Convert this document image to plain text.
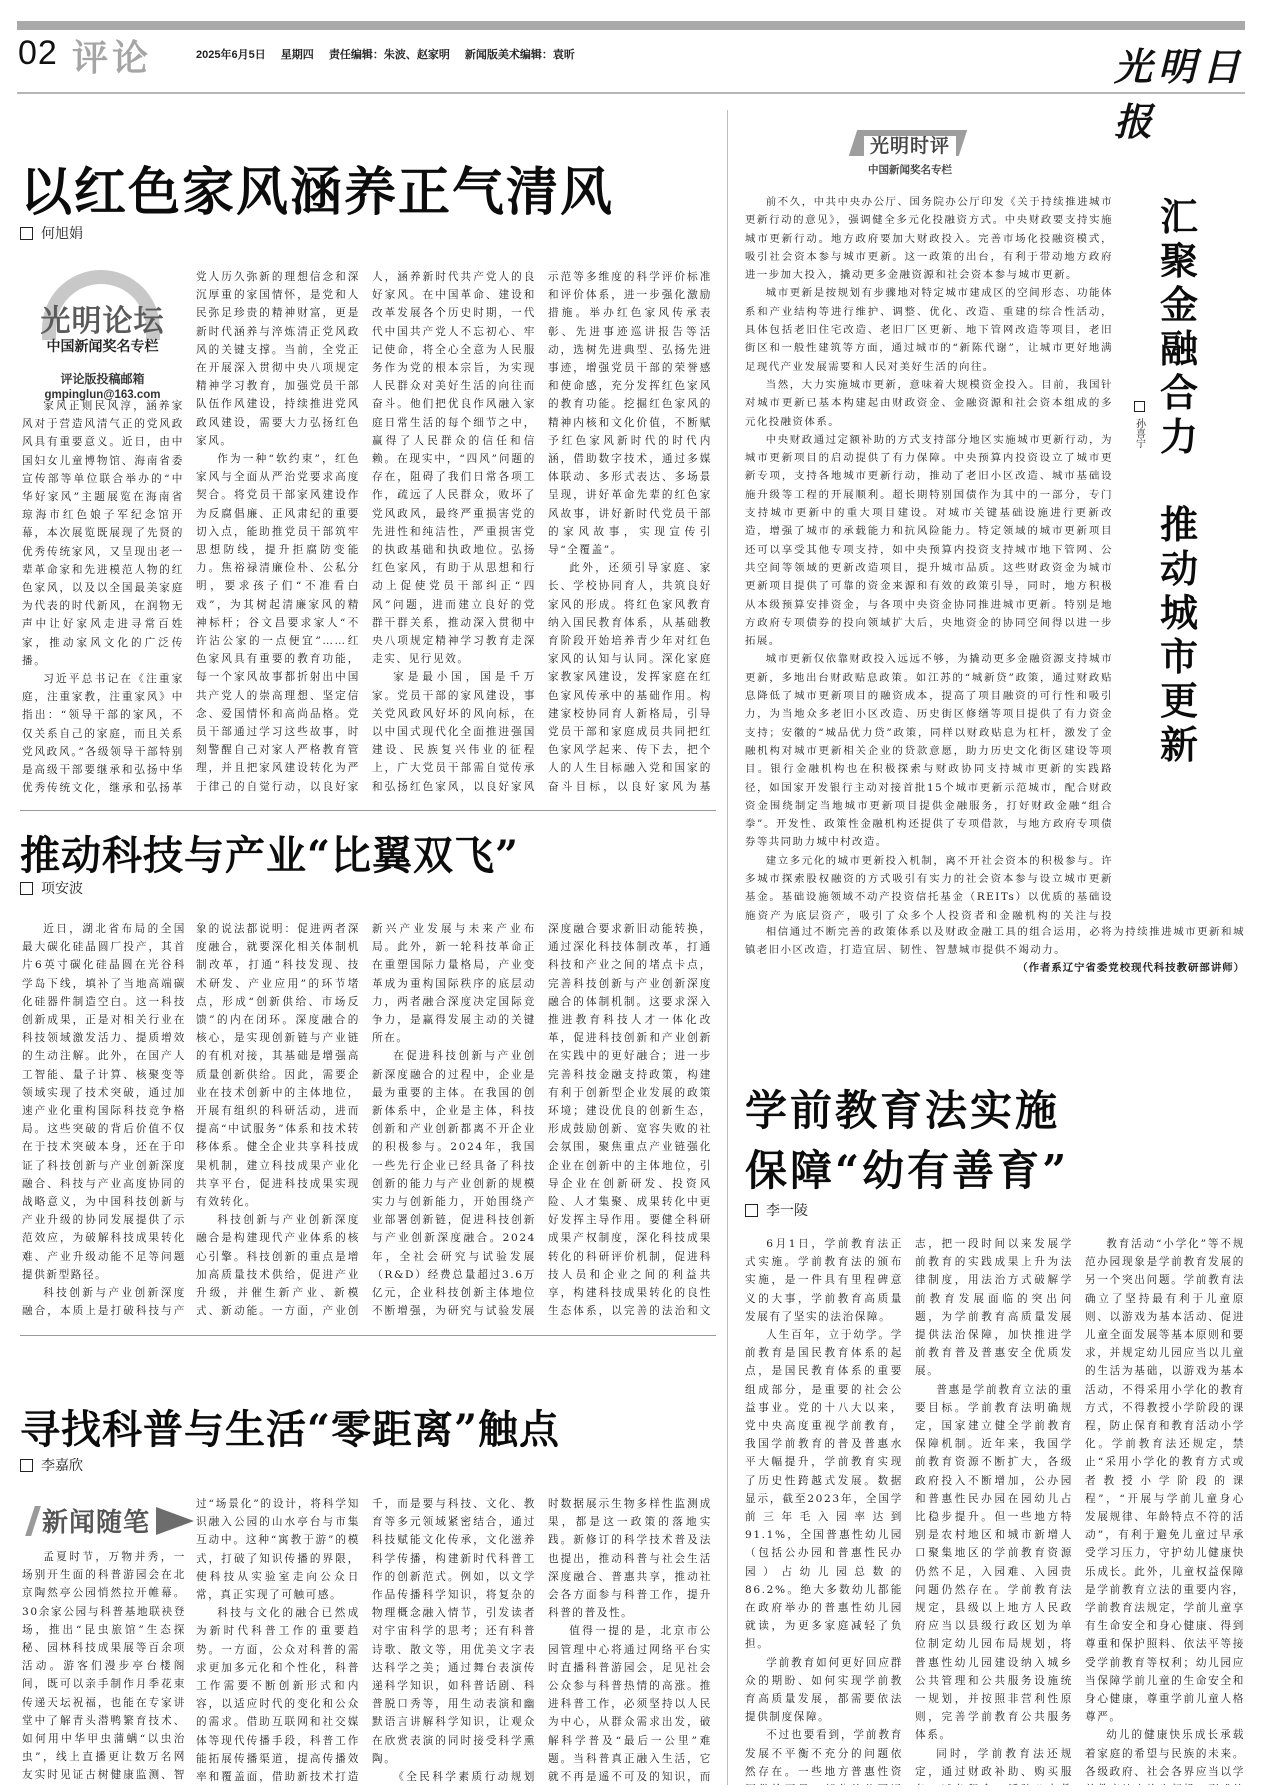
02 评论	2025年6月5日 星期四 责任编辑：朱波、赵家明 新闻版美术编辑：袁昕	光明日报
以红色家风涵养正气清风
何旭娟
光明论坛
中国新闻奖名专栏
评论版投稿邮箱
gmpinglun@163.com

家风正则民风淳，涵养家风对于营造风清气正的党风政风具有重要意义。近日，由中国妇女儿童博物馆、海南省委宣传部等单位联合举办的“中华好家风”主题展览在海南省琼海市红色娘子军纪念馆开幕，本次展览既展现了先贤的优秀传统家风，又呈现出老一辈革命家和先进模范人物的红色家风，以及以全国最美家庭为代表的时代新风，在润物无声中让好家风走进寻常百姓家，推动家风文化的广泛传播。

习近平总书记在《注重家庭，注重家教，注重家风》中指出：“领导干部的家风，不仅关系自己的家庭，而且关系党风政风。”各级领导干部特别是高级干部要继承和弘扬中华优秀传统文化，继承和弘扬革

党人历久弥新的理想信念和深沉厚重的家国情怀，是党和人民弥足珍贵的精神财富，更是新时代涵养与淬炼清正党风政风的关键支撑。当前，全党正在开展深入贯彻中央八项规定精神学习教育，加强党员干部队伍作风建设，持续推进党风政风建设，需要大力弘扬红色家风。

作为一种“软约束”，红色家风与全面从严治党要求高度契合。将党员干部家风建设作为反腐倡廉、正风肃纪的重要切入点，能助推党员干部筑牢思想防线，提升拒腐防变能力。焦裕禄清廉俭朴、公私分明，要求孩子们“不准看白戏”，为其树起清廉家风的精神标杆；谷文昌要求家人“不许沾公家的一点便宜”……红色家风具有重要的教育功能，每一个家风故事都折射出中国共产党人的崇高理想、坚定信念、爱国情怀和高尚品格。党员干部通过学习这些故事，时刻警醒自己对家人严格教育管理，并且把家风建设转化为严于律己的自觉行动，以良好家

人，涵养新时代共产党人的良好家风。在中国革命、建设和改革发展各个历史时期，一代代中国共产党人不忘初心、牢记使命，将全心全意为人民服务作为党的根本宗旨，为实现人民群众对美好生活的向往而奋斗。他们把优良作风融入家庭日常生活的每个细节之中，赢得了人民群众的信任和信赖。在现实中，“四风”问题的存在，阻碍了我们日常各项工作，疏远了人民群众，败坏了党风政风，最终严重损害党的先进性和纯洁性，严重损害党的执政基础和执政地位。弘扬红色家风，有助于从思想和行动上促使党员干部纠正“四风”问题，进而建立良好的党群干群关系，推动深入贯彻中央八项规定精神学习教育走深走实、见行见效。

家是最小国，国是千万家。党员干部的家风建设，事关党风政风好坏的风向标，在以中国式现代化全面推进强国建设、民族复兴伟业的征程上，广大党员干部需自觉传承和弘扬红色家风，以良好家风

示范等多维度的科学评价标准和评价体系，进一步强化激励措施。举办红色家风传承表彰、先进事迹巡讲报告等活动，选树先进典型、弘扬先进事迹，增强党员干部的荣誉感和使命感，充分发挥红色家风的教育功能。挖掘红色家风的精神内核和文化价值，不断赋予红色家风新时代的时代内涵，借助数字技术，通过多媒体联动、多形式表达、多场景呈现，讲好革命先辈的红色家风故事，讲好新时代党员干部的家风故事，实现宣传引导“全覆盖”。

此外，还须引导家庭、家长、学校协同育人，共筑良好家风的形成。将红色家风教育纳入国民教育体系，从基础教育阶段开始培养青少年对红色家风的认知与认同。深化家庭家教家风建设，发挥家庭在红色家风传承中的基础作用。构建家校协同育人新格局，引导党员干部和家庭成员共同把红色家风学起来、传下去，把个人的人生目标融入党和国家的奋斗目标，以良好家风为基

推动科技与产业“比翼双飞”
项安波

近日，湖北省布局的全国最大碳化硅晶圆厂投产，其首片6英寸碳化硅晶圆在光谷科学岛下线，填补了当地高端碳化硅器件制造空白。这一科技创新成果，正是对相关行业在科技领域激发活力、提质增效的生动注解。此外，在国产人工智能、量子计算、核聚变等领域实现了技术突破，通过加速产业化重构国际科技竞争格局。这些突破的背后价值不仅在于技术突破本身，还在于印证了科技创新与产业创新深度融合、科技与产业高度协同的战略意义，为中国科技创新与产业升级的协同发展提供了示范效应，为破解科技成果转化难、产业升级动能不足等问题提供新型路径。

科技创新与产业创新深度融合，本质上是打破科技与产

象的说法都说明：促进两者深度融合，就要深化相关体制机制改革，打通“科技发现、技术研发、产业应用”的环节堵点，形成“创新供给、市场反馈”的内在闭环。深度融合的核心，是实现创新链与产业链的有机对接，其基础是增强高质量创新供给。因此，需要企业在技术创新中的主体地位，开展有组织的科研活动，进而提高“中试服务”体系和技术转移体系。健全企业共享科技成果机制，建立科技成果产业化共享平台，促进科技成果实现有效转化。

科技创新与产业创新深度融合是构建现代产业体系的核心引擎。科技创新的重点是增加高质量技术供给，促进产业升级，并催生新产业、新模式、新动能。一方面，产业创

新兴产业发展与未来产业布局。此外，新一轮科技革命正在重塑国际力量格局，产业变革成为重构国际秩序的底层动力，两者融合深度决定国际竞争力，是赢得发展主动的关键所在。

在促进科技创新与产业创新深度融合的过程中，企业是最为重要的主体。在我国的创新体系中，企业是主体，科技创新和产业创新都离不开企业的积极参与。2024年，我国一些先行企业已经具备了科技创新的能力与产业创新的规模实力与创新能力，开始围绕产业部署创新链，促进科技创新与产业创新深度融合。2024年，全社会研究与试验发展（R&D）经费总量超过3.6万亿元，企业科技创新主体地位不断增强，为研究与试验发展

深度融合要求新旧动能转换，通过深化科技体制改革，打通科技和产业之间的堵点卡点，完善科技创新与产业创新深度融合的体制机制。这要求深入推进教育科技人才一体化改革，促进科技创新和产业创新在实践中的更好融合；进一步完善科技金融支持政策，构建有利于创新型企业发展的政策环境；建设优良的创新生态，形成鼓励创新、宽容失败的社会氛围，聚焦重点产业链强化企业在创新中的主体地位，引导企业在创新研发、投资风险、人才集聚、成果转化中更好发挥主导作用。要健全科研成果产权制度，深化科技成果转化的科研评价机制，促进科技人员和企业之间的利益共享，构建科技成果转化的良性生态体系，以完善的法治和文

寻找科普与生活“零距离”触点
李嘉欣
新闻随笔

孟夏时节，万物并秀，一场别开生面的科普游园会在北京陶然亭公园悄然拉开帷幕。30余家公园与科普基地联袂登场，推出“昆虫旅馆”生态探秘、园林科技成果展等百余项活动。游客们漫步亭台楼阁间，既可以亲手制作月季花束传递天坛祝福，也能在专家讲堂中了解青头潜鸭繁育技术、如何用中华甲虫蒲螨“以虫治虫”，线上直播更让数万名网友实时见证古树健康监测、智

过“场景化”的设计，将科学知识融入公园的山水亭台与市集互动中。这种“寓教于游”的模式，打破了知识传播的界限，使科技从实验室走向公众日常，真正实现了可触可感。

科技与文化的融合已然成为新时代科普工作的重要趋势。一方面，公众对科普的需求更加多元化和个性化，科普工作需要不断创新形式和内容，以适应时代的变化和公众的需求。借助互联网和社交媒体等现代传播手段，科普工作能拓展传播渠道，提高传播效率和覆盖面，借助新技术打造

千，而是要与科技、文化、教育等多元领域紧密结合，通过科技赋能文化传承，文化滋养科学传播，构建新时代科普工作的创新范式。例如，以文学作品传播科学知识，将复杂的物理概念融入情节，引发读者对宇宙科学的思考；还有科普诗歌、散文等，用优美文字表达科学之美；通过舞台表演传递科学知识，如科普话剧、科普脱口秀等，用生动表演和幽默语言讲解科学知识，让观众在欣赏表演的同时接受科学熏陶。

《全民科学素质行动规划

时数据展示生物多样性监测成果，都是这一政策的落地实践。新修订的科学技术普及法也提出，推动科普与社会生活深度融合、普惠共享，推动社会各方面参与科普工作，提升科普的普及性。

值得一提的是，北京市公园管理中心将通过网络平台实时直播科普游园会，足见社会公众参与科普热情的高涨。推进科普工作，必须坚持以人民为中心，从群众需求出发，破解科学普及“最后一公里”难题。当科普真正融入生活，它就不再是遥不可及的知识，而

光明时评
中国新闻奖名专栏

前不久，中共中央办公厅、国务院办公厅印发《关于持续推进城市更新行动的意见》，强调健全多元化投融资方式。中央财政要支持实施城市更新行动。地方政府要加大财政投入。完善市场化投融资模式，吸引社会资本参与城市更新。这一政策的出台，有利于带动地方政府进一步加大投入，撬动更多金融资源和社会资本参与城市更新。

城市更新是按规划有步骤地对特定城市建成区的空间形态、功能体系和产业结构等进行维护、调整、优化、改造、重建的综合性活动，具体包括老旧住宅改造、老旧厂区更新、地下管网改造等项目，老旧街区和一般性建筑等方面，通过城市的“新陈代谢”，让城市更好地满足现代产业发展需要和人民对美好生活的向往。

当然，大力实施城市更新，意味着大规模资金投入。目前，我国针对城市更新已基本构建起由财政资金、金融资源和社会资本组成的多元化投融资体系。

中央财政通过定额补助的方式支持部分地区实施城市更新行动，为城市更新项目的启动提供了有力保障。中央预算内投资设立了城市更新专项，支持各地城市更新行动，推动了老旧小区改造、城市基础设施升级等工程的开展顺利。超长期特别国债作为其中的一部分，专门支持城市更新中的重大项目建设。对城市关键基础设施进行更新改造，增强了城市的承载能力和抗风险能力。特定领域的城市更新项目还可以享受其他专项支持，如中央预算内投资支持城市地下管网、公共空间等领域的更新改造项目，提升城市品质。这些财政资金为城市更新项目提供了可靠的资金来源和有效的政策引导，同时，地方积极从本级预算安排资金，与各项中央资金协同推进城市更新。特别是地方政府专项债券的投向领域扩大后，央地资金的协同空间得以进一步拓展。

城市更新仅依靠财政投入远远不够，为撬动更多金融资源支持城市更新，多地出台财政贴息政策。如江苏的“城新贷”政策，通过财政贴息降低了城市更新项目的融资成本，提高了项目融资的可行性和吸引力，为当地众多老旧小区改造、历史街区修缮等项目提供了有力资金支持；安徽的“城品优力贷”政策，同样以财政贴息为杠杆，激发了金融机构对城市更新相关企业的贷款意愿，助力历史文化街区建设等项目。银行金融机构也在积极探索与财政协同支持城市更新的实践路径，如国家开发银行主动对接首批15个城市更新示范城市，配合财政资金围绕制定当地城市更新项目提供金融服务，打好财政金融“组合拳”。开发性、政策性金融机构还提供了专项借款，与地方政府专项债券等共同助力城中村改造。

建立多元化的城市更新投入机制，离不开社会资本的积极参与。许多城市探索股权融资的方式吸引有实力的社会资本参与设立城市更新基金。基础设施领域不动产投资信托基金（REITs）以优质的基础设施资产为底层资产，吸引了众多个人投资者和金融机构的关注与投

相信通过不断完善的政策体系以及财政金融工具的组合运用，必将为持续推进城市更新和城镇老旧小区改造，打造宜居、韧性、智慧城市提供不竭动力。

（作者系辽宁省委党校现代科技教研部讲师）

孙喜宁
汇
聚
金
融
合
力
推
动
城
市
更
新
学前教育法实施
保障“幼有善育”
李一陵

6月1日，学前教育法正式实施。学前教育法的颁布实施，是一件具有里程碑意义的大事，学前教育高质量发展有了坚实的法治保障。

人生百年，立于幼学。学前教育是国民教育体系的起点，是国民教育体系的重要组成部分，是重要的社会公益事业。党的十八大以来，党中央高度重视学前教育，我国学前教育的普及普惠水平大幅提升，学前教育实现了历史性跨越式发展。数据显示，截至2023年，全国学前三年毛入园率达到91.1%，全国普惠性幼儿园（包括公办园和普惠性民办园）占幼儿园总数的86.2%。绝大多数幼儿都能在政府举办的普惠性幼儿园就读，为更多家庭减轻了负担。

学前教育如何更好回应群众的期盼、如何实现学前教育高质量发展，都需要依法提供制度保障。

不过也要看到，学前教育发展不平衡不充分的问题依然存在。一些地方普惠性资

志，把一段时间以来发展学前教育的实践成果上升为法律制度，用法治方式破解学前教育发展面临的突出问题，为学前教育高质量发展提供法治保障，加快推进学前教育普及普惠安全优质发展。

普惠是学前教育立法的重要目标。学前教育法明确规定，国家建立健全学前教育保障机制。近年来，我国学前教育资源不断扩大，各级政府投入不断增加，公办园和普惠性民办园在园幼儿占比稳步提升。但一些地方特别是农村地区和城市新增人口聚集地区的学前教育资源仍然不足，入园难、入园贵问题仍然存在。学前教育法规定，县级以上地方人民政府应当以县级行政区划为单位制定幼儿园布局规划，将普惠性幼儿园建设纳入城乡公共管理和公共服务设施统一规划，并按照非营利性原则，完善学前教育公共服务体系。

同时，学前教育法还规定，通过财政补助、购买服

教育活动“小学化”等不规范办园现象是学前教育发展的另一个突出问题。学前教育法确立了坚持最有利于儿童原则、以游戏为基本活动、促进儿童全面发展等基本原则和要求，并规定幼儿园应当以儿童的生活为基础，以游戏为基本活动，不得采用小学化的教育方式，不得教授小学阶段的课程，防止保育和教育活动小学化。学前教育法还规定，禁止“采用小学化的教育方式或者教授小学阶段的课程”，“开展与学前儿童身心发展规律、年龄特点不符的活动”，有利于避免儿童过早承受学习压力，守护幼儿健康快乐成长。此外，儿童权益保障是学前教育立法的重要内容，学前教育法规定，学前儿童享有生命安全和身心健康、得到尊重和保护照料、依法平等接受学前教育等权利；幼儿园应当保障学前儿童的生命安全和身心健康，尊重学前儿童人格尊严。

幼儿的健康快乐成长承载着家庭的希望与民族的未来。各级政府、社会各界应当以学
